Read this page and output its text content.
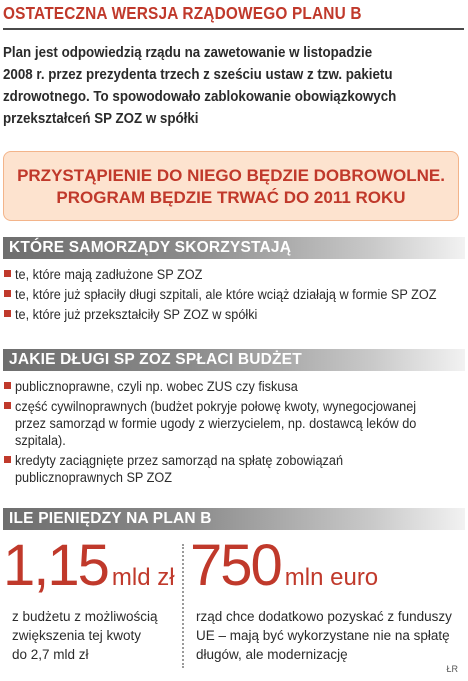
OSTATECZNA WERSJA RZĄDOWEGO PLANU B
Plan jest odpowiedzią rządu na zawetowanie w listopadzie
2008 r. przez prezydenta trzech z sześciu ustaw z tzw. pakietu
zdrowotnego. To spowodowało zablokowanie obowiązkowych
przekształceń SP ZOZ w spółki
PRZYSTĄPIENIE DO NIEGO BĘDZIE DOBROWOLNE.
PROGRAM BĘDZIE TRWAĆ DO 2011 ROKU
KTÓRE SAMORZĄDY SKORZYSTAJĄ
te, które mają zadłużone SP ZOZ
te, które już spłaciły długi szpitali, ale które wciąż działają w formie SP ZOZ
te, które już przekształciły SP ZOZ w spółki
JAKIE DŁUGI SP ZOZ SPŁACI BUDŻET
publicznoprawne, czyli np. wobec ZUS czy fiskusa
część cywilnoprawnych (budżet pokryje połowę kwoty, wynegocjowanej
przez samorząd w formie ugody z wierzycielem, np. dostawcą leków do
szpitala).
kredyty zaciągnięte przez samorząd na spłatę zobowiązań
publicznoprawnych SP ZOZ
ILE PIENIĘDZY NA PLAN B
1,15 mld zł
z budżetu z możliwością
zwiększenia tej kwoty
do 2,7 mld zł
750 mln euro
rząd chce dodatkowo pozyskać z funduszy
UE – mają być wykorzystane nie na spłatę
długów, ale modernizację
ŁR
